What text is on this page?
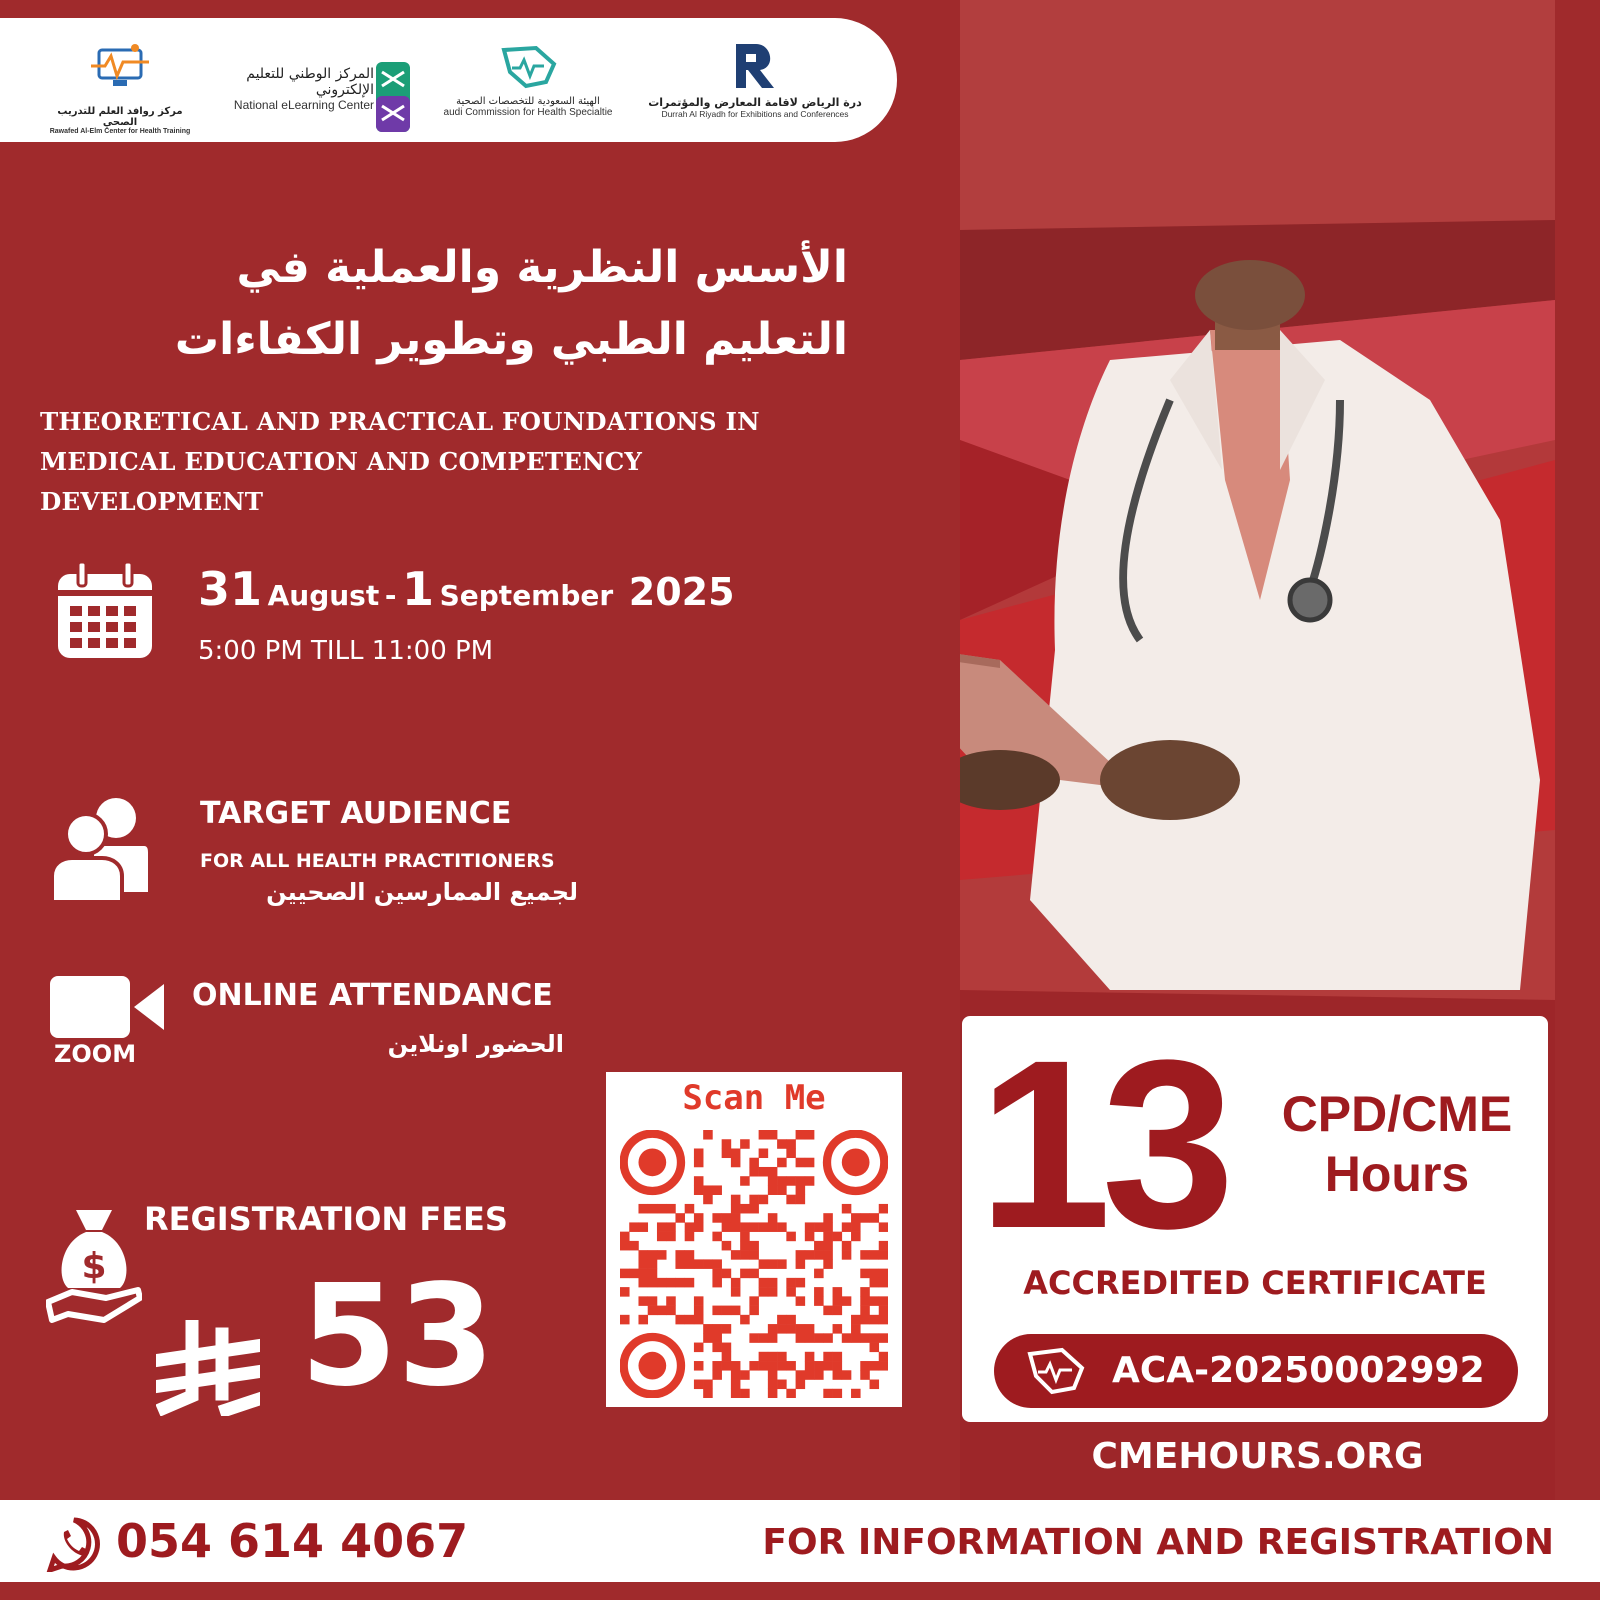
مركز روافد العلم للتدريب الصحي
Rawafed Al-Elm Center for Health Training
المركز الوطني للتعليم الإلكتروني
National eLearning Center	الهيئة السعودية للتخصصات الصحية
audi Commission for Health Specialtie
درة الرياض لاقامة المعارض والمؤتمرات
Durrah Al Riyadh for Exhibitions and Conferences
الأسس النظرية والعملية في
التعليم الطبي وتطوير الكفاءات
THEORETICAL AND PRACTICAL FOUNDATIONS IN
MEDICAL EDUCATION AND COMPETENCY DEVELOPMENT
31 August - 1 September 2025
5:00 PM TILL 11:00 PM
TARGET AUDIENCE
FOR ALL HEALTH PRACTITIONERS
لجميع الممارسين الصحيين
ZOOM
ONLINE ATTENDANCE
الحضور اونلاين
$
REGISTRATION FEES
53
Scan Me 13	CPD/CME
Hours
ACCREDITED CERTIFICATE
ACA-20250002992
CMEHOURS.ORG
054 614 4067	FOR INFORMATION AND REGISTRATION
